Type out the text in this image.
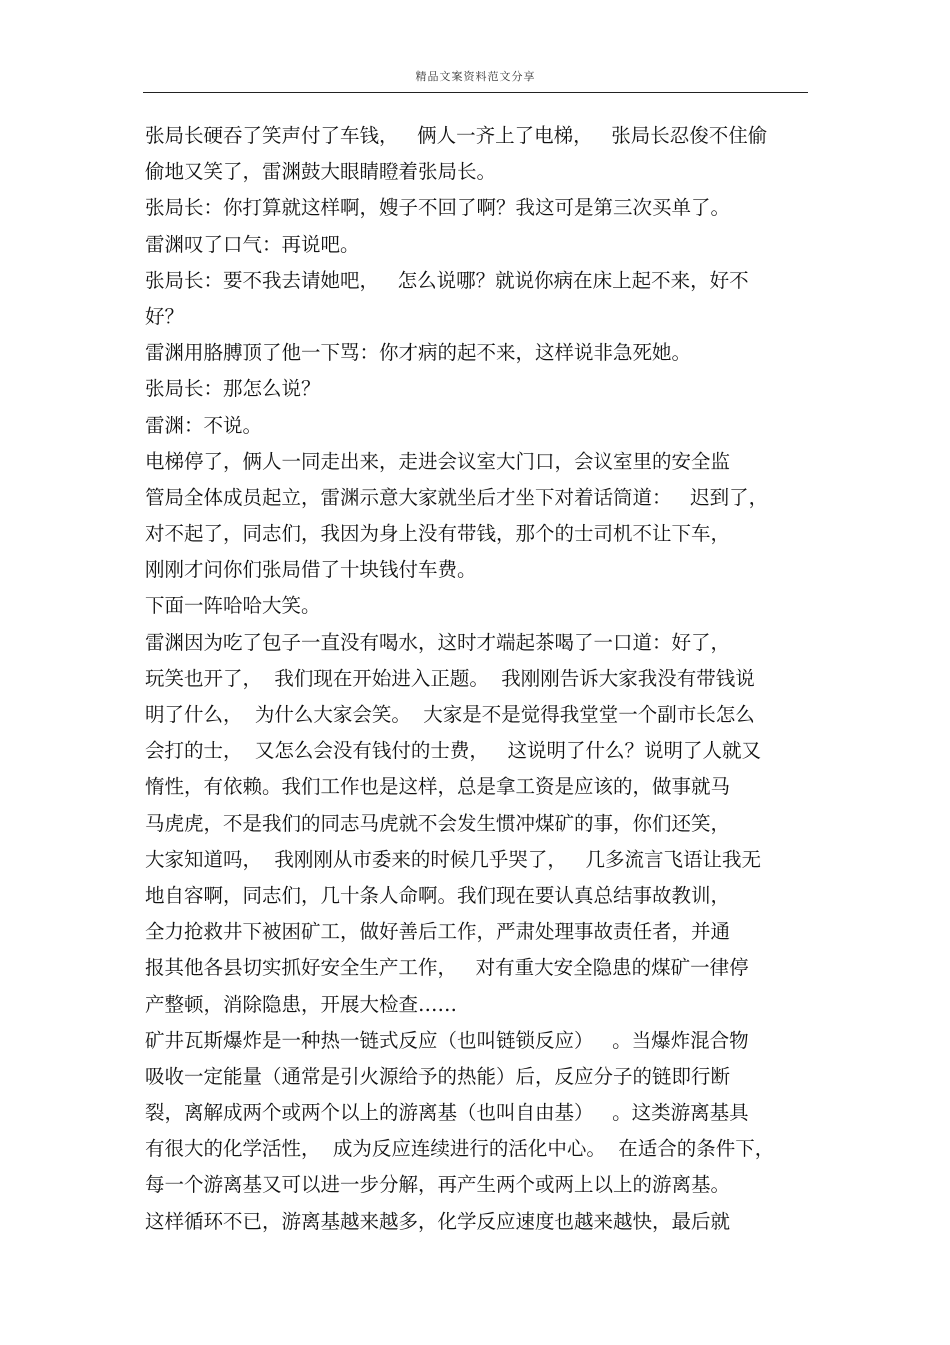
精品文案资料范文分享
张局长硬吞了笑声付了车钱，   俩人一齐上了电梯，   张局长忍俊不住偷
偷地又笑了，雷渊鼓大眼睛瞪着张局长。
张局长：你打算就这样啊，嫂子不回了啊？我这可是第三次买单了。
雷渊叹了口气：再说吧。
张局长：要不我去请她吧，   怎么说哪？就说你病在床上起不来，好不
好？
雷渊用胳膊顶了他一下骂：你才病的起不来，这样说非急死她。
张局长：那怎么说？
雷渊：不说。
电梯停了，俩人一同走出来，走进会议室大门口，会议室里的安全监
管局全体成员起立，雷渊示意大家就坐后才坐下对着话筒道：   迟到了，
对不起了，同志们，我因为身上没有带钱，那个的士司机不让下车，
刚刚才问你们张局借了十块钱付车费。
下面一阵哈哈大笑。
雷渊因为吃了包子一直没有喝水，这时才端起茶喝了一口道：好了，
玩笑也开了，  我们现在开始进入正题。  我刚刚告诉大家我没有带钱说
明了什么，  为什么大家会笑。  大家是不是觉得我堂堂一个副市长怎么
会打的士，  又怎么会没有钱付的士费，   这说明了什么？说明了人就又
惰性，有依赖。我们工作也是这样，总是拿工资是应该的，做事就马
马虎虎，不是我们的同志马虎就不会发生惯冲煤矿的事，你们还笑，
大家知道吗，  我刚刚从市委来的时候几乎哭了，   几多流言飞语让我无
地自容啊，同志们，几十条人命啊。我们现在要认真总结事故教训，
全力抢救井下被困矿工，做好善后工作，严肃处理事故责任者，并通
报其他各县切实抓好安全生产工作，   对有重大安全隐患的煤矿一律停
产整顿，消除隐患，开展大检查……
矿井瓦斯爆炸是一种热一链式反应（也叫链锁反应）   。当爆炸混合物
吸收一定能量（通常是引火源给予的热能）后，反应分子的链即行断
裂，离解成两个或两个以上的游离基（也叫自由基）   。这类游离基具
有很大的化学活性，  成为反应连续进行的活化中心。  在适合的条件下，
每一个游离基又可以进一步分解，再产生两个或两上以上的游离基。
这样循环不已，游离基越来越多，化学反应速度也越来越快，最后就
